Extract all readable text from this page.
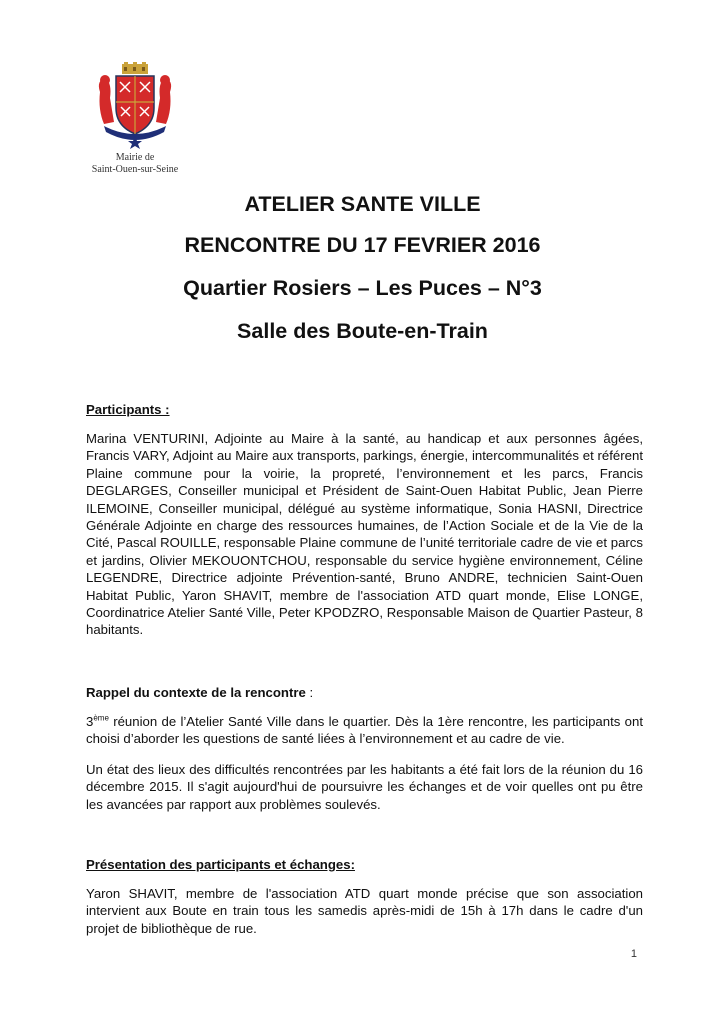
Mairie de
Saint-Ouen-sur-Seine
ATELIER SANTE VILLE
RENCONTRE DU 17 FEVRIER 2016
Quartier Rosiers – Les Puces – N°3
Salle des Boute-en-Train
Participants :
Marina VENTURINI, Adjointe au Maire à la santé, au handicap et aux personnes âgées, Francis VARY, Adjoint au Maire aux transports, parkings, énergie, intercommunalités et référent Plaine commune pour la voirie, la propreté, l’environnement et les parcs, Francis DEGLARGES, Conseiller municipal et Président de Saint-Ouen Habitat Public, Jean Pierre ILEMOINE, Conseiller municipal, délégué au système informatique, Sonia HASNI, Directrice Générale Adjointe en charge des ressources humaines, de l’Action Sociale et de la Vie de la Cité, Pascal ROUILLE, responsable Plaine commune de l’unité territoriale cadre de vie et parcs et jardins, Olivier MEKOUONTCHOU, responsable du service hygiène environnement, Céline LEGENDRE, Directrice adjointe Prévention-santé, Bruno ANDRE, technicien Saint-Ouen Habitat Public, Yaron SHAVIT, membre de l'association ATD quart monde, Elise LONGE, Coordinatrice Atelier Santé Ville, Peter KPODZRO, Responsable Maison de Quartier Pasteur, 8 habitants.
Rappel du contexte de la rencontre :
3ème réunion de l’Atelier Santé Ville dans le quartier. Dès la 1ère rencontre, les participants ont choisi d’aborder les questions de santé liées à l’environnement et au cadre de vie.
Un état des lieux des difficultés rencontrées par les habitants a été fait lors de la réunion du 16 décembre 2015. Il s'agit aujourd'hui de poursuivre les échanges et de voir quelles ont pu être les avancées par rapport aux problèmes soulevés.
Présentation des participants et échanges:
Yaron SHAVIT, membre de l'association ATD quart monde précise que son association intervient aux Boute en train tous les samedis après-midi de 15h à 17h dans le cadre d'un projet de bibliothèque de rue.
1
